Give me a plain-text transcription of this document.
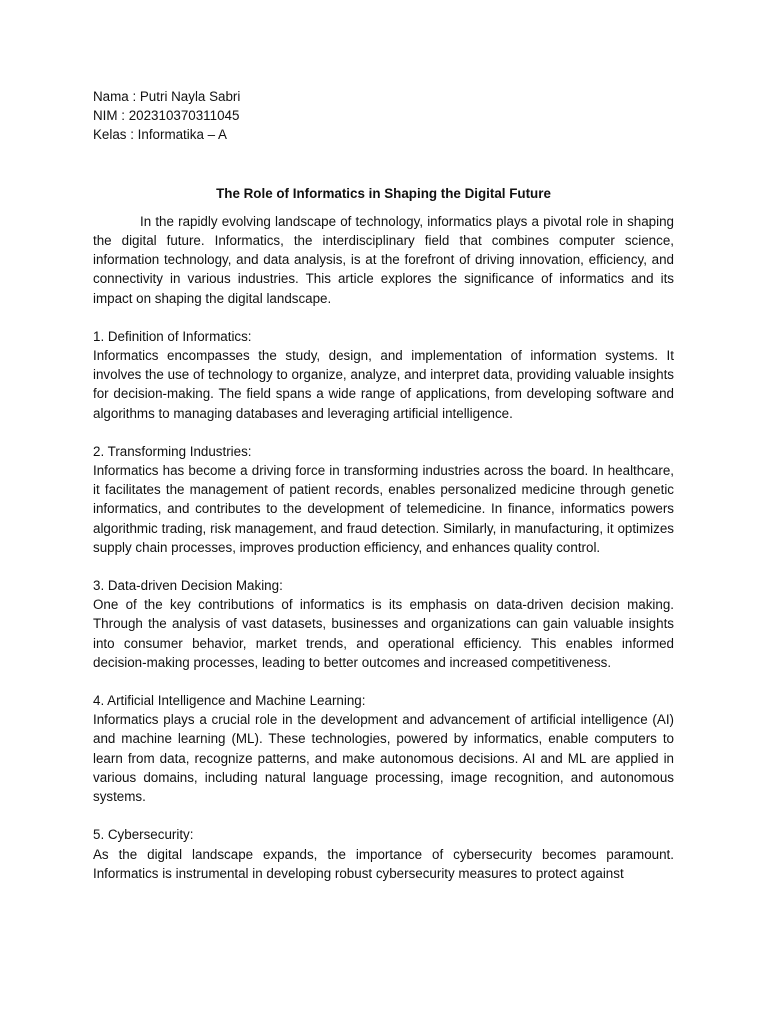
Nama : Putri Nayla Sabri

NIM : 202310370311045

Kelas : Informatika – A

The Role of Informatics in Shaping the Digital Future

In the rapidly evolving landscape of technology, informatics plays a pivotal role in shaping the digital future. Informatics, the interdisciplinary field that combines computer science, information technology, and data analysis, is at the forefront of driving innovation, efficiency, and connectivity in various industries. This article explores the significance of informatics and its impact on shaping the digital landscape.

1. Definition of Informatics:

Informatics encompasses the study, design, and implementation of information systems. It involves the use of technology to organize, analyze, and interpret data, providing valuable insights for decision-making. The field spans a wide range of applications, from developing software and algorithms to managing databases and leveraging artificial intelligence.

2. Transforming Industries:

Informatics has become a driving force in transforming industries across the board. In healthcare, it facilitates the management of patient records, enables personalized medicine through genetic informatics, and contributes to the development of telemedicine. In finance, informatics powers algorithmic trading, risk management, and fraud detection. Similarly, in manufacturing, it optimizes supply chain processes, improves production efficiency, and enhances quality control.

3. Data-driven Decision Making:

One of the key contributions of informatics is its emphasis on data-driven decision making. Through the analysis of vast datasets, businesses and organizations can gain valuable insights into consumer behavior, market trends, and operational efficiency. This enables informed decision-making processes, leading to better outcomes and increased competitiveness.

4. Artificial Intelligence and Machine Learning:

Informatics plays a crucial role in the development and advancement of artificial intelligence (AI) and machine learning (ML). These technologies, powered by informatics, enable computers to learn from data, recognize patterns, and make autonomous decisions. AI and ML are applied in various domains, including natural language processing, image recognition, and autonomous systems.

5. Cybersecurity:

As the digital landscape expands, the importance of cybersecurity becomes paramount. Informatics is instrumental in developing robust cybersecurity measures to protect against
